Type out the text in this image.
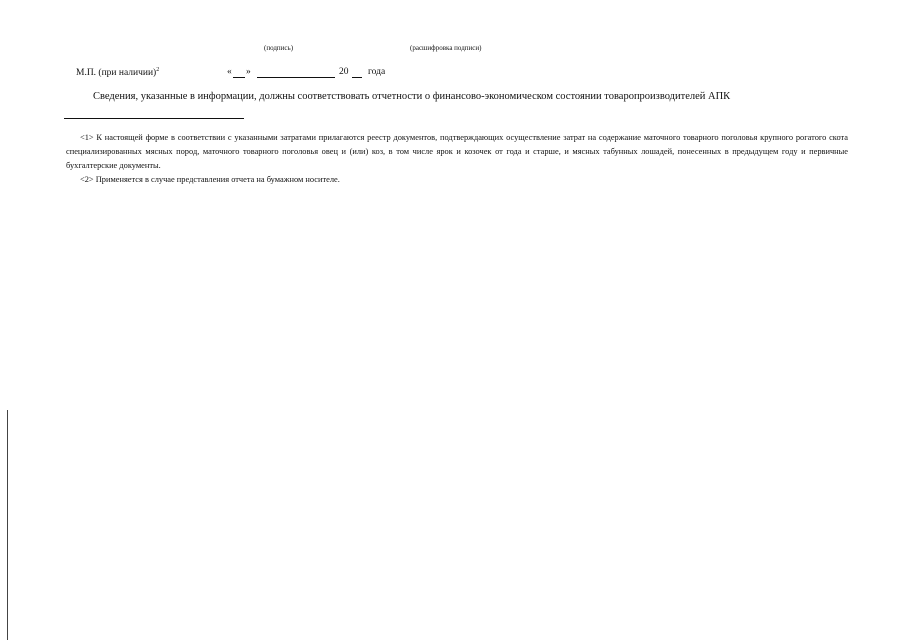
(подпись)	(расшифровка подписи)
М.П. (при наличии)$^2$	« »	20 года
Сведения, указанные в информации, должны соответствовать отчетности о финансово-экономическом состоянии товаропроизводителей АПК

<1> К настоящей форме в соответствии с указанными затратами прилагаются реестр документов, подтверждающих осуществление затрат на содержание маточного товарного поголовья крупного рогатого скота специализированных мясных пород, маточного товарного поголовья овец и (или) коз, в том числе ярок и козочек от года и старше, и мясных табунных лошадей, понесенных в предыдущем году и первичные бухгалтерские документы.

<2> Применяется в случае представления отчета на бумажном носителе.
